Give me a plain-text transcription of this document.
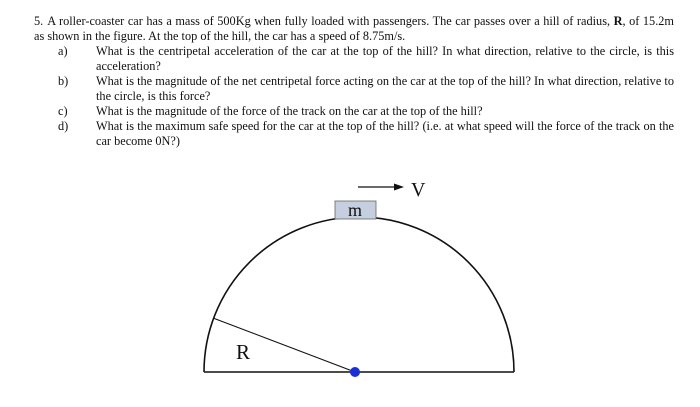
5. A roller-coaster car has a mass of 500Kg when fully loaded with passengers. The car passes over a hill of radius, R, of 15.2m as shown in the figure. At the top of the hill, the car has a speed of 8.75m/s.

a) What is the centripetal acceleration of the car at the top of the hill? In what direction, relative to the circle, is this acceleration?
b) What is the magnitude of the net centripetal force acting on the car at the top of the hill? In what direction, relative to the circle, is this force?
c) What is the magnitude of the force of the track on the car at the top of the hill?
d) What is the maximum safe speed for the car at the top of the hill? (i.e. at what speed will the force of the track on the car become 0N?)
m
V
R
